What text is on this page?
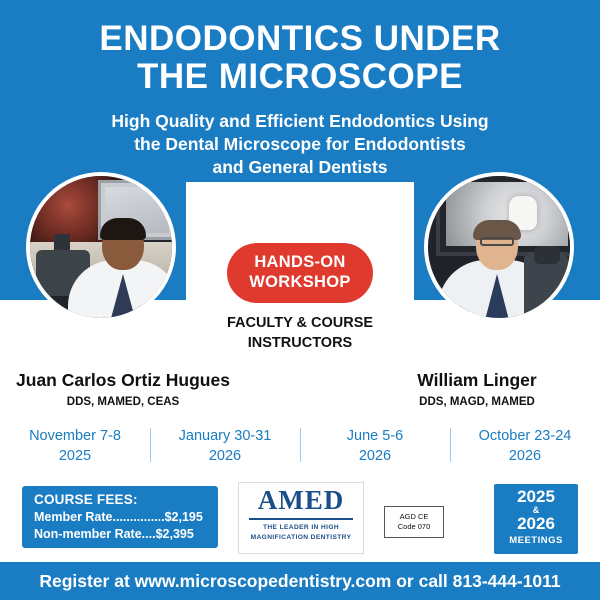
ENDODONTICS UNDER
THE MICROSCOPE
High Quality and Efficient Endodontics Using
the Dental Microscope for Endodontists
and General Dentists
8am - 4pm
Charlotte, NC
HANDS-ON
WORKSHOP
FACULTY & COURSE
INSTRUCTORS
Juan Carlos Ortiz Hugues
DDS, MAMED, CEAS
William Linger
DDS, MAGD, MAMED
November 7-8
2025
January 30-31
2026
June 5-6
2026
October 23-24
2026
COURSE FEES:
Member Rate...............$2,195
Non-member Rate....$2,395
AMED
THE LEADER IN HIGH
MAGNIFICATION DENTISTRY
AGD CE
Code 070
2025
&
2026
MEETINGS
Register at www.microscopedentistry.com or call 813-444-1011
